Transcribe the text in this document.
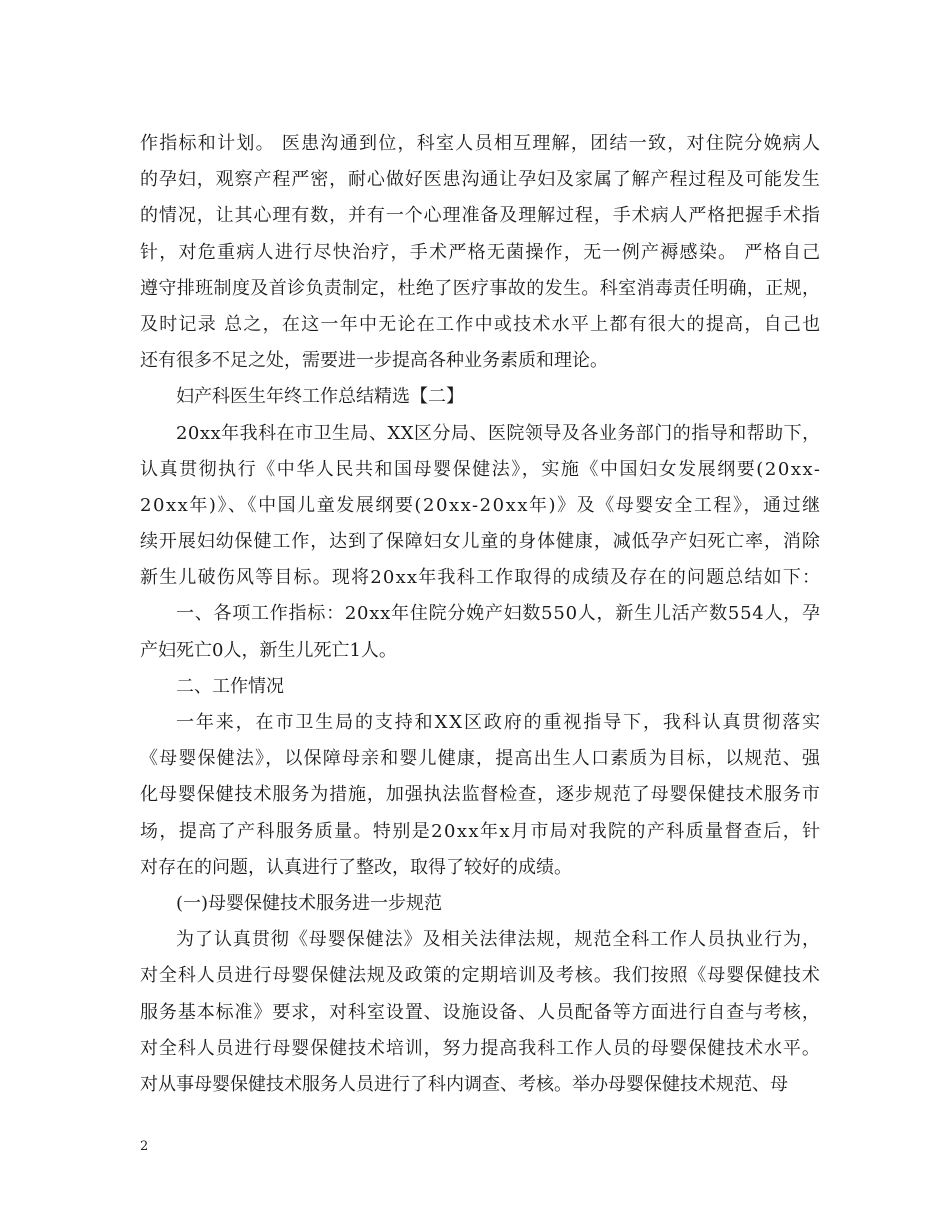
作指标和计划。 医患沟通到位，科室人员相互理解，团结一致，对住院分娩病人
的孕妇，观察产程严密，耐心做好医患沟通让孕妇及家属了解产程过程及可能发生
的情况，让其心理有数，并有一个心理准备及理解过程，手术病人严格把握手术指
针，对危重病人进行尽快治疗，手术严格无菌操作，无一例产褥感染。 严格自己
遵守排班制度及首诊负责制定，杜绝了医疗事故的发生。科室消毒责任明确，正规，
及时记录 总之，在这一年中无论在工作中或技术水平上都有很大的提高，自己也
还有很多不足之处，需要进一步提高各种业务素质和理论。
妇产科医生年终工作总结精选【二】
20xx年我科在市卫生局、XX区分局、医院领导及各业务部门的指导和帮助下，
认真贯彻执行《中华人民共和国母婴保健法》，实施《中国妇女发展纲要(20xx-
20xx年)》、《中国儿童发展纲要(20xx-20xx年)》及《母婴安全工程》，通过继
续开展妇幼保健工作，达到了保障妇女儿童的身体健康，减低孕产妇死亡率，消除
新生儿破伤风等目标。现将20xx年我科工作取得的成绩及存在的问题总结如下：
一、各项工作指标：20xx年住院分娩产妇数550人，新生儿活产数554人，孕
产妇死亡0人，新生儿死亡1人。
二、工作情况
一年来，在市卫生局的支持和XX区政府的重视指导下，我科认真贯彻落实
《母婴保健法》，以保障母亲和婴儿健康，提高出生人口素质为目标，以规范、强
化母婴保健技术服务为措施，加强执法监督检查，逐步规范了母婴保健技术服务市
场，提高了产科服务质量。特别是20xx年x月市局对我院的产科质量督查后，针
对存在的问题，认真进行了整改，取得了较好的成绩。
(一)母婴保健技术服务进一步规范
为了认真贯彻《母婴保健法》及相关法律法规，规范全科工作人员执业行为，
对全科人员进行母婴保健法规及政策的定期培训及考核。我们按照《母婴保健技术
服务基本标准》要求，对科室设置、设施设备、人员配备等方面进行自查与考核，
对全科人员进行母婴保健技术培训，努力提高我科工作人员的母婴保健技术水平。
对从事母婴保健技术服务人员进行了科内调查、考核。举办母婴保健技术规范、母
2
